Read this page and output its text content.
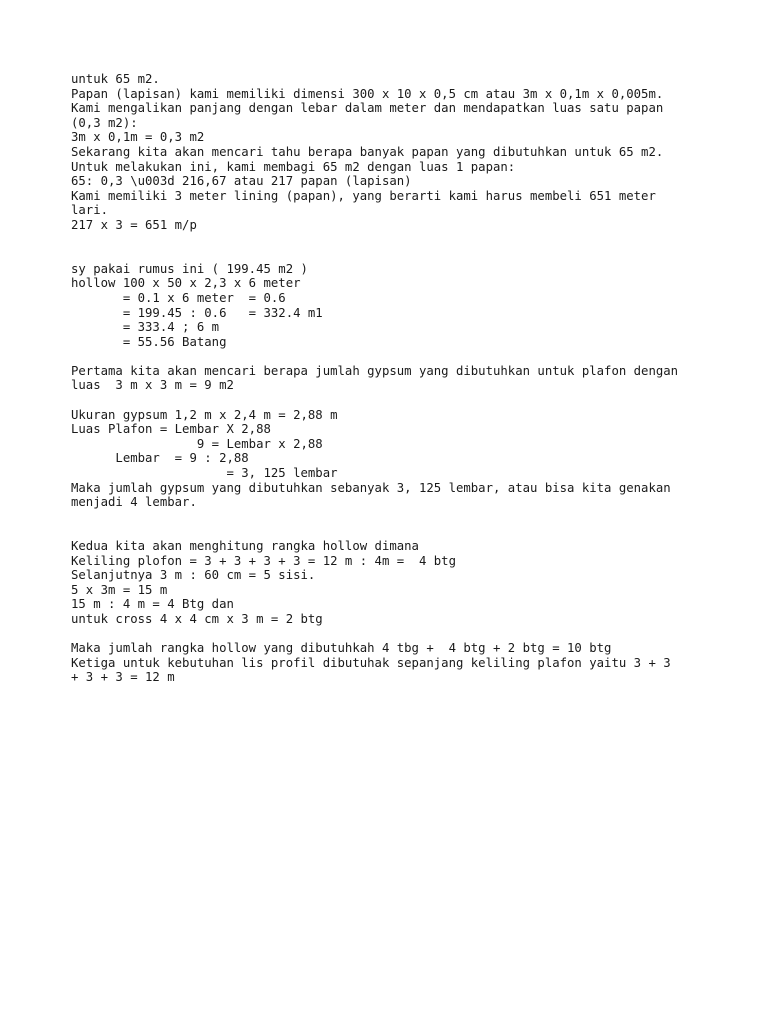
untuk 65 m2.
Papan (lapisan) kami memiliki dimensi 300 x 10 x 0,5 cm atau 3m x 0,1m x 0,005m.
Kami mengalikan panjang dengan lebar dalam meter dan mendapatkan luas satu papan
(0,3 m2):
3m x 0,1m = 0,3 m2
Sekarang kita akan mencari tahu berapa banyak papan yang dibutuhkan untuk 65 m2.
Untuk melakukan ini, kami membagi 65 m2 dengan luas 1 papan:
65: 0,3 \u003d 216,67 atau 217 papan (lapisan)
Kami memiliki 3 meter lining (papan), yang berarti kami harus membeli 651 meter
lari.
217 x 3 = 651 m/p
sy pakai rumus ini ( 199.45 m2 )
hollow 100 x 50 x 2,3 x 6 meter
= 0.1 x 6 meter  = 0.6
= 199.45 : 0.6   = 332.4 m1
= 333.4 ; 6 m
= 55.56 Batang
Pertama kita akan mencari berapa jumlah gypsum yang dibutuhkan untuk plafon dengan
luas  3 m x 3 m = 9 m2
Ukuran gypsum 1,2 m x 2,4 m = 2,88 m
Luas Plafon = Lembar X 2,88
9 = Lembar x 2,88
Lembar  = 9 : 2,88
= 3, 125 lembar
Maka jumlah gypsum yang dibutuhkan sebanyak 3, 125 lembar, atau bisa kita genakan
menjadi 4 lembar.
Kedua kita akan menghitung rangka hollow dimana
Keliling plofon = 3 + 3 + 3 + 3 = 12 m : 4m =  4 btg
Selanjutnya 3 m : 60 cm = 5 sisi.
5 x 3m = 15 m
15 m : 4 m = 4 Btg dan
untuk cross 4 x 4 cm x 3 m = 2 btg
Maka jumlah rangka hollow yang dibutuhkah 4 tbg +  4 btg + 2 btg = 10 btg
Ketiga untuk kebutuhan lis profil dibutuhak sepanjang keliling plafon yaitu 3 + 3
+ 3 + 3 = 12 m
